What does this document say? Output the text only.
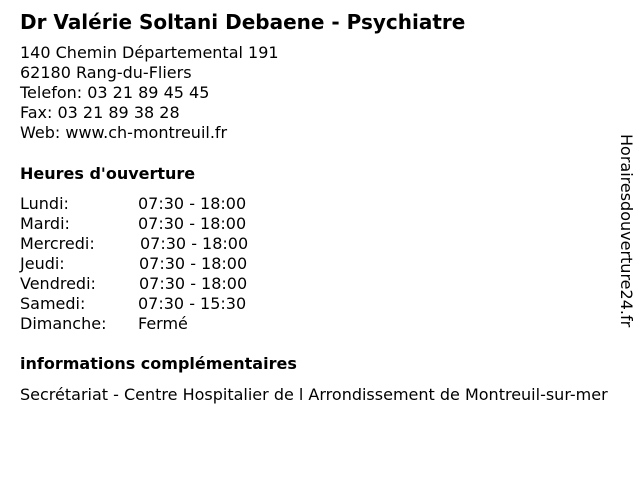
Dr Valérie Soltani Debaene - Psychiatre
140 Chemin Départemental 191
62180 Rang-du-Fliers
Telefon: 03 21 89 45 45
Fax: 03 21 89 38 28
Web: www.ch-montreuil.fr
Heures d'ouverture
Lundi:	07:30 - 18:00
Mardi:	07:30 - 18:00
Mercredi:	07:30 - 18:00
Jeudi:	07:30 - 18:00
Vendredi:	07:30 - 18:00
Samedi:	07:30 - 15:30
Dimanche: Fermé
informations complémentaires
Secrétariat - Centre Hospitalier de l Arrondissement de Montreuil-sur-mer
Horairesdouverture24.fr
